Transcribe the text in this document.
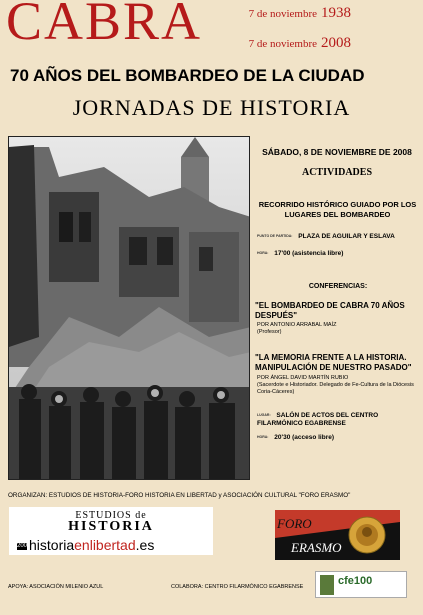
CABRA	7 de noviembre 1938
7 de noviembre 2008
70 AÑOS DEL BOMBARDEO DE LA CIUDAD
JORNADAS DE HISTORIA
SÁBADO, 8 DE NOVIEMBRE DE 2008
ACTIVIDADES
RECORRIDO HISTÓRICO GUIADO POR LOS LUGARES DEL BOMBARDEO
PUNTO DE PARTIDA: PLAZA DE AGUILAR Y ESLAVA
HORA: 17'00 (asistencia libre)
CONFERENCIAS:
"EL BOMBARDEO DE CABRA 70 AÑOS DESPUÉS"
POR ANTONIO ARRABAL MAÍZ
(Profesor)
"LA MEMORIA FRENTE A LA HISTORIA. MANIPULACIÓN DE NUESTRO PASADO"
POR ÁNGEL DAVID MARTÍN RUBIO
(Sacerdote e Historiador. Delegado de Fe-Cultura de la Diócesis Coria-Cáceres)
LUGAR: SALÓN DE ACTOS DEL CENTRO FILARMÓNICO EGABRENSE
HORA: 20'30 (acceso libre)
ORGANIZAN: ESTUDIOS DE HISTORIA-FORO HISTORIA EN LIBERTAD y ASOCIACIÓN CULTURAL "FORO ERASMO"
ESTUDIOS de
HISTORIA
2000historiaenlibertad.es
FORO
ERASMO
APOYA: ASOCIACIÓN MILENIO AZUL	COLABORA: CENTRO FILARMÓNICO EGABRENSE	cfe100
